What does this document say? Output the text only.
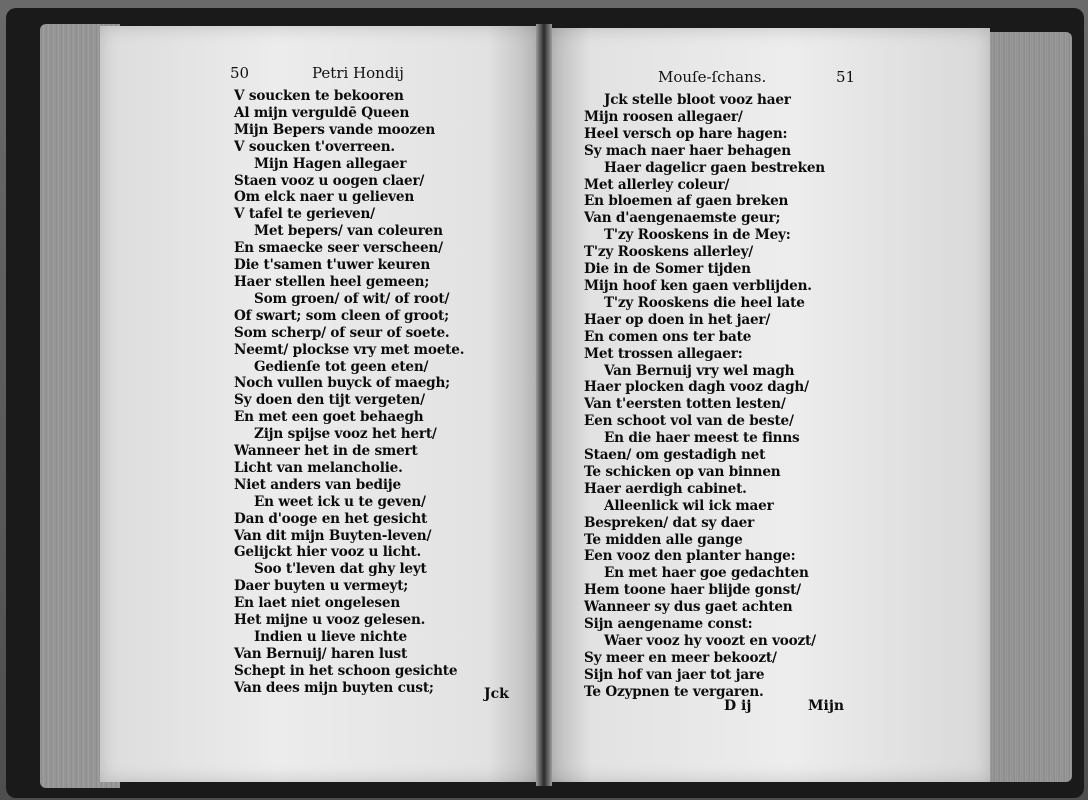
50	Petri Hondij
V soucken te bekooren
Al mijn verguldē Queen
Mijn Bepers vande moozen
V soucken t'overreen.
Mijn Hagen allegaer
Staen vooz u oogen claer/
Om elck naer u gelieven
V tafel te gerieven/
Met bepers/ van coleuren
En smaecke seer verscheen/
Die t'samen t'uwer keuren
Haer stellen heel gemeen;
Som groen/ of wit/ of root/
Of swart; som cleen of groot;
Som scherp/ of seur of soete.
Neemt/ plockse vry met moete.
Gedienſe tot geen eten/
Noch vullen buyck of maegh;
Sy doen den tijt vergeten/
En met een goet behaegh
Zijn spijse vooz het hert/
Wanneer het in de smert
Licht van melancholie.
Niet anders van bedije
En weet ick u te geven/
Dan d'ooge en het gesicht
Van dit mijn Buyten-leven/
Gelijckt hier vooz u licht.
Soo t'leven dat ghy leyt
Daer buyten u vermeyt;
En laet niet ongelesen
Het mijne u vooz gelesen.
Indien u lieve nichte
Van Bernuij/ haren lust
Schept in het schoon gesichte
Van dees mijn buyten cust;	Jck
Mouſe-ſchans.	51
Jck stelle bloot vooz haer
Mijn roosen allegaer/
Heel versch op hare hagen:
Sy mach naer haer behagen
Haer dagelicr gaen bestreken
Met allerley coleur/
En bloemen af gaen breken
Van d'aengenaemste geur;
T'zy Rooskens in de Mey:
T'zy Rooskens allerley/
Die in de Somer tijden
Mijn hoof ken gaen verblijden.
T'zy Rooskens die heel late
Haer op doen in het jaer/
En comen ons ter bate
Met trossen allegaer:
Van Bernuij vry wel magh
Haer plocken dagh vooz dagh/
Van t'eersten totten lesten/
Een schoot vol van de beste/
En die haer meest te finns
Staen/ om gestadigh net
Te schicken op van binnen
Haer aerdigh cabinet.
Alleenlick wil ick maer
Bespreken/ dat sy daer
Te midden alle gange
Een vooz den planter hange:
En met haer goe gedachten
Hem toone haer blijde gonst/
Wanneer sy dus gaet achten
Sijn aengename const:
Waer vooz hy voozt en voozt/
Sy meer en meer bekoozt/
Sijn hof van jaer tot jare
Te Ozypnen te vergaren.
D ij	Mijn
